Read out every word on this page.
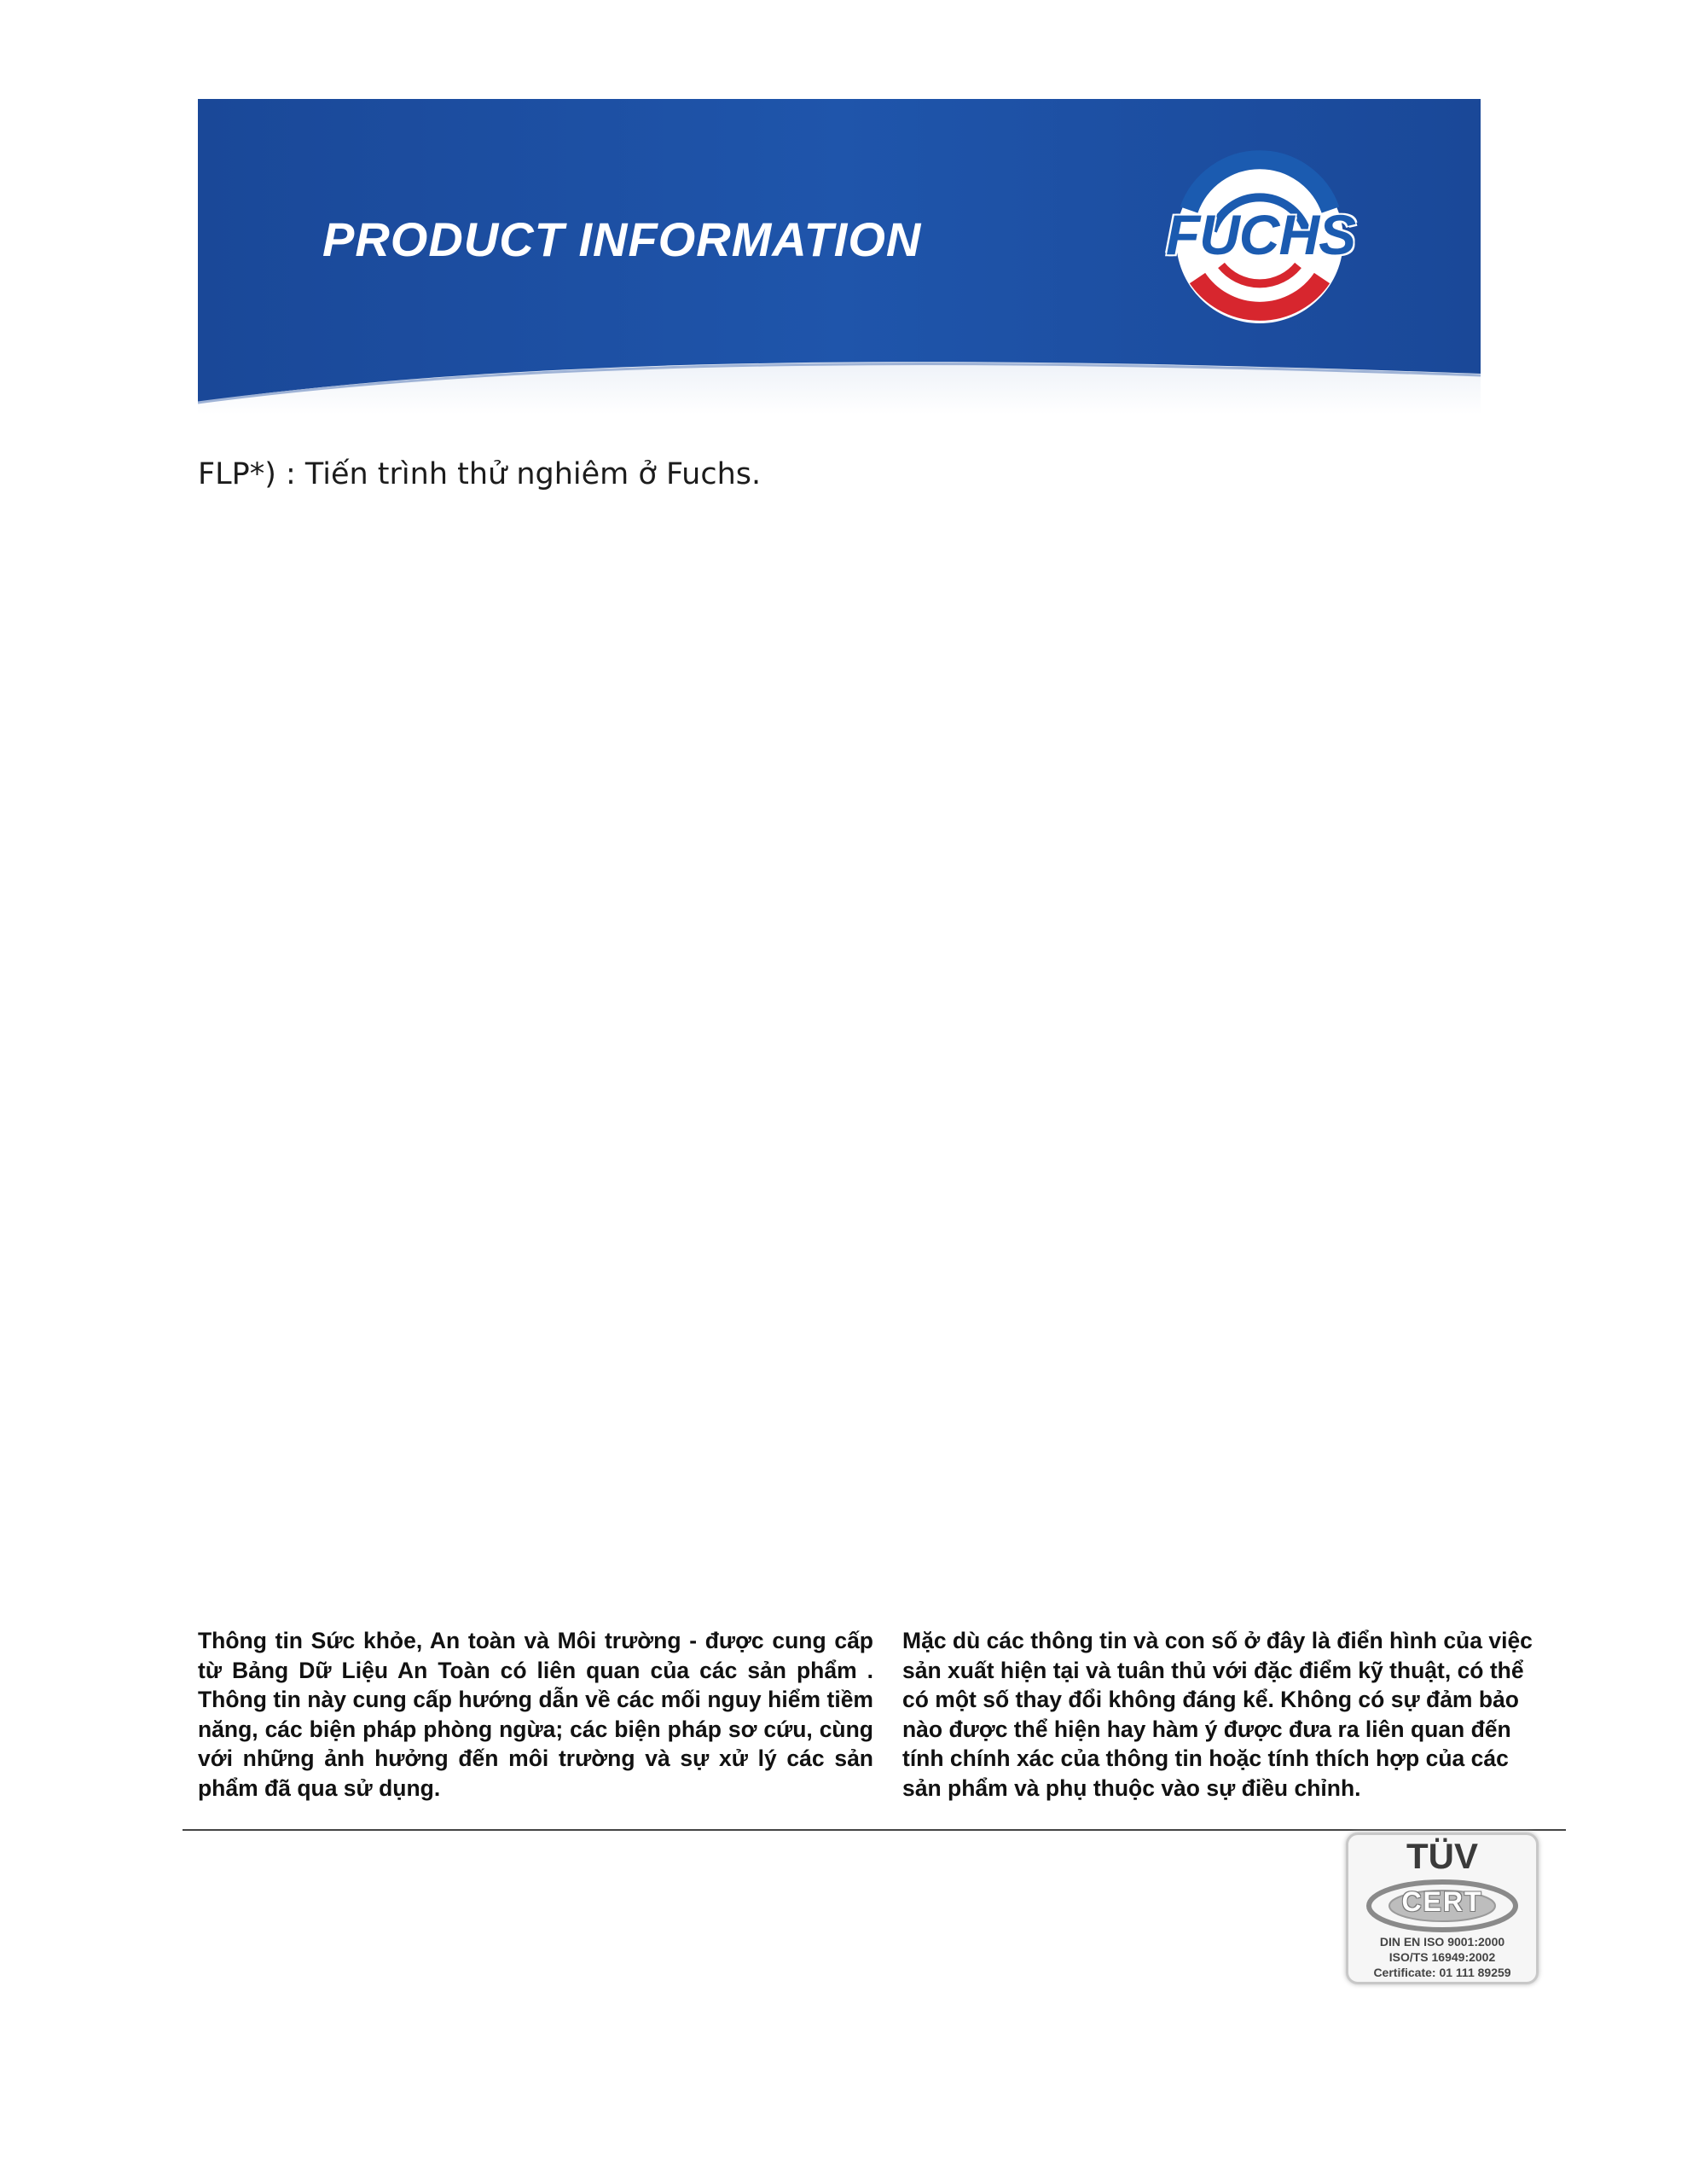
PRODUCT INFORMATION	FUCHS
FLP*) : Tiến trình thử nghiêm ở Fuchs.
Thông tin Sức khỏe, An toàn và Môi trường - được cung cấp từ Bảng Dữ Liệu An Toàn có liên quan của các sản phẩm . Thông tin này cung cấp hướng dẫn về các mối nguy hiểm tiềm năng, các biện pháp phòng ngừa; các biện pháp sơ cứu, cùng với những ảnh hưởng đến môi trường và sự xử lý các sản phẩm đã qua sử dụng.
Mặc dù các thông tin và con số ở đây là điển hình của việc sản xuất hiện tại và tuân thủ với đặc điểm kỹ thuật, có thể có một số thay đổi không đáng kể. Không có sự đảm bảo nào được thể hiện hay hàm ý được đưa ra liên quan đến tính chính xác của thông tin hoặc tính thích hợp của các sản phẩm và phụ thuộc vào sự điều chỉnh.
TÜV
CERT
DIN EN ISO 9001:2000
ISO/TS 16949:2002
Certificate: 01 111 89259
